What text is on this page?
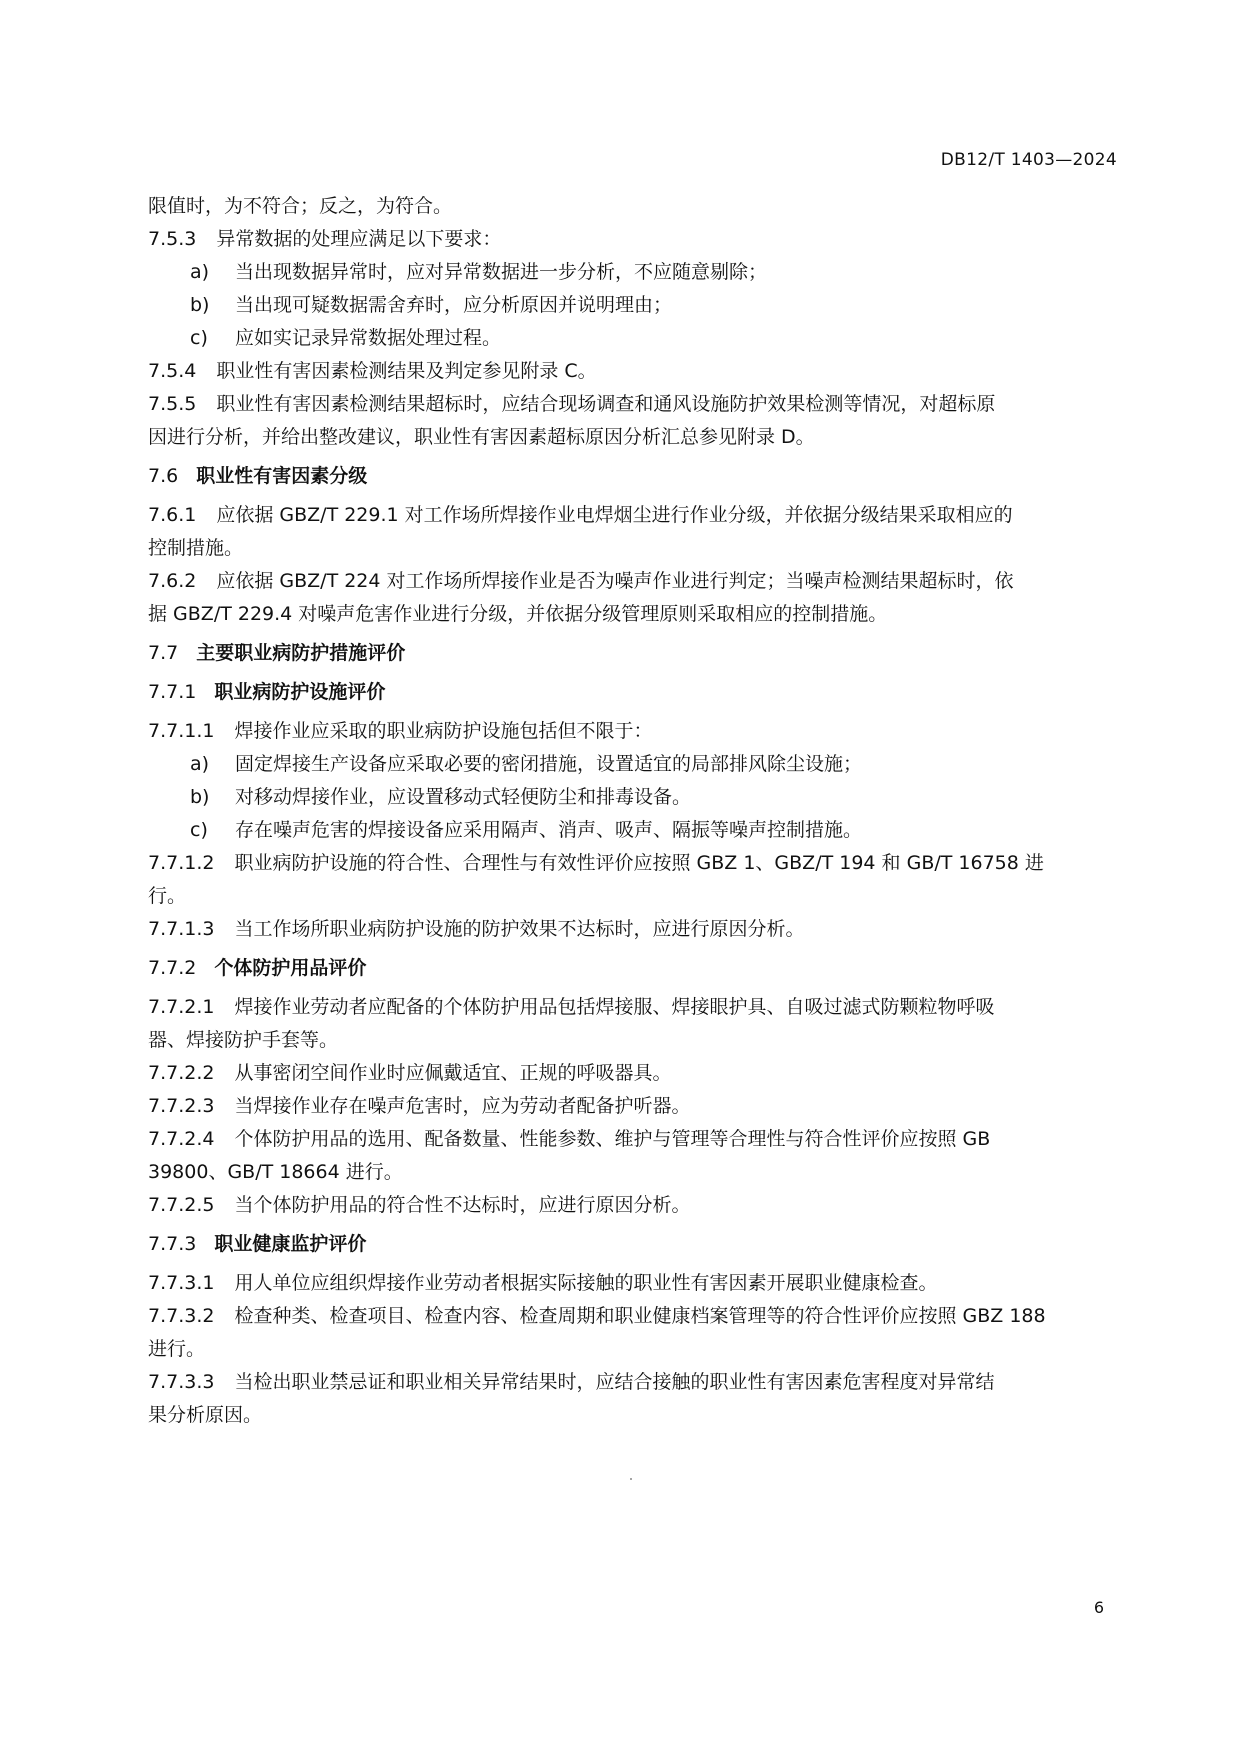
DB12/T 1403—2024
限值时，为不符合；反之，为符合。
7.5.3 异常数据的处理应满足以下要求：
a) 当出现数据异常时，应对异常数据进一步分析，不应随意剔除；
b) 当出现可疑数据需舍弃时，应分析原因并说明理由；
c) 应如实记录异常数据处理过程。
7.5.4 职业性有害因素检测结果及判定参见附录 C。
7.5.5 职业性有害因素检测结果超标时，应结合现场调查和通风设施防护效果检测等情况，对超标原
因进行分析，并给出整改建议，职业性有害因素超标原因分析汇总参见附录 D。
7.6 职业性有害因素分级
7.6.1 应依据 GBZ/T 229.1 对工作场所焊接作业电焊烟尘进行作业分级，并依据分级结果采取相应的
控制措施。
7.6.2 应依据 GBZ/T 224 对工作场所焊接作业是否为噪声作业进行判定；当噪声检测结果超标时，依
据 GBZ/T 229.4 对噪声危害作业进行分级，并依据分级管理原则采取相应的控制措施。
7.7 主要职业病防护措施评价
7.7.1 职业病防护设施评价
7.7.1.1 焊接作业应采取的职业病防护设施包括但不限于：
a) 固定焊接生产设备应采取必要的密闭措施，设置适宜的局部排风除尘设施；
b) 对移动焊接作业，应设置移动式轻便防尘和排毒设备。
c) 存在噪声危害的焊接设备应采用隔声、消声、吸声、隔振等噪声控制措施。
7.7.1.2 职业病防护设施的符合性、合理性与有效性评价应按照 GBZ 1、GBZ/T 194 和 GB/T 16758 进
行。
7.7.1.3 当工作场所职业病防护设施的防护效果不达标时，应进行原因分析。
7.7.2 个体防护用品评价
7.7.2.1 焊接作业劳动者应配备的个体防护用品包括焊接服、焊接眼护具、自吸过滤式防颗粒物呼吸
器、焊接防护手套等。
7.7.2.2 从事密闭空间作业时应佩戴适宜、正规的呼吸器具。
7.7.2.3 当焊接作业存在噪声危害时，应为劳动者配备护听器。
7.7.2.4 个体防护用品的选用、配备数量、性能参数、维护与管理等合理性与符合性评价应按照 GB
39800、GB/T 18664 进行。
7.7.2.5 当个体防护用品的符合性不达标时，应进行原因分析。
7.7.3 职业健康监护评价
7.7.3.1 用人单位应组织焊接作业劳动者根据实际接触的职业性有害因素开展职业健康检查。
7.7.3.2 检查种类、检查项目、检查内容、检查周期和职业健康档案管理等的符合性评价应按照 GBZ 188
进行。
7.7.3.3 当检出职业禁忌证和职业相关异常结果时，应结合接触的职业性有害因素危害程度对异常结
果分析原因。
6
